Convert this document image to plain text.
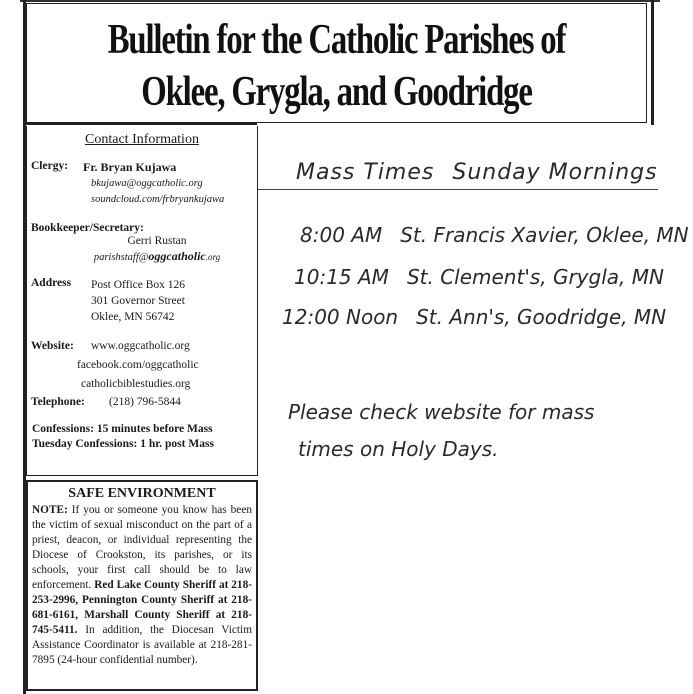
Bulletin for the Catholic Parishes of
Oklee, Grygla, and Goodridge
Contact Information
Clergy: Fr. Bryan Kujawa
bkujawa@oggcatholic.org
soundcloud.com/frbryankujawa
Bookkeeper/Secretary:
Gerri Rustan
parishstaff@oggcatholic.org
Address	Post Office Box 126
301 Governor Street
Oklee, MN 56742
Website:	www.oggcatholic.org
facebook.com/oggcatholic
catholicbiblestudies.org
Telephone:	(218) 796-5844
Confessions: 15 minutes before Mass
Tuesday Confessions: 1 hr. post Mass
SAFE ENVIRONMENT
NOTE: If you or someone you know has been the victim of sexual misconduct on the part of a priest, deacon, or individual representing the Diocese of Crookston, its parishes, or its schools, your first call should be to law enforcement. Red Lake County Sheriff at 218-253-2996, Pennington County Sheriff at 218-681-6161, Marshall County Sheriff at 218-745-5411. In addition, the Diocesan Victim Assistance Coordinator is available at 218-281-7895 (24-hour confidential number).
Mass Times Sunday Mornings
8:00 AM St. Francis Xavier, Oklee, MN
10:15 AM St. Clement's, Grygla, MN
12:00 Noon St. Ann's, Goodridge, MN
Please check website for mass
times on Holy Days.
